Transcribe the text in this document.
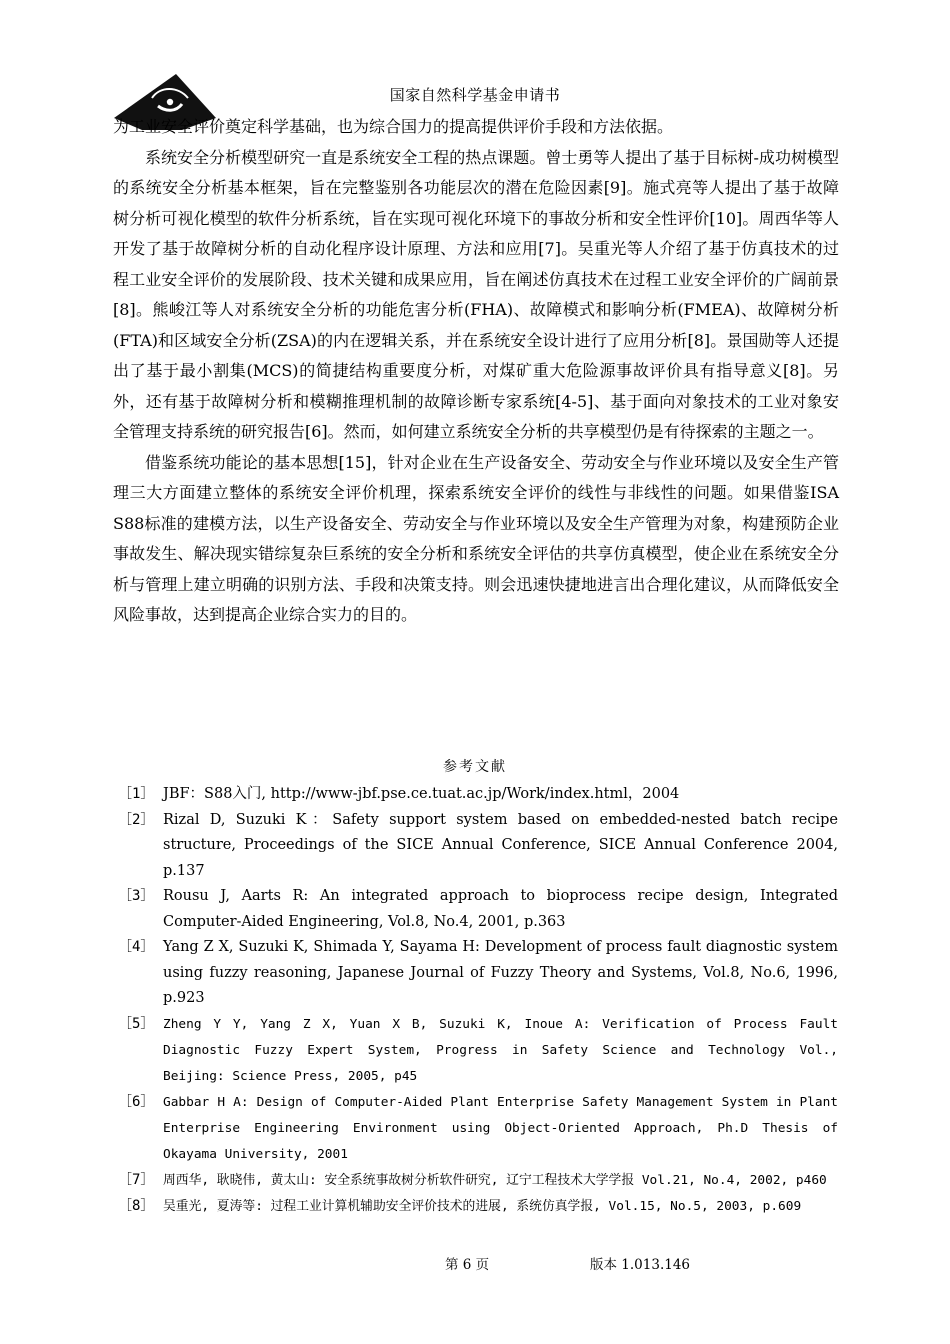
国家自然科学基金申请书

为工业安全评价奠定科学基础，也为综合国力的提高提供评价手段和方法依据。

系统安全分析模型研究一直是系统安全工程的热点课题。曾士勇等人提出了基于目标树-成功树模型的系统安全分析基本框架，旨在完整鉴别各功能层次的潜在危险因素[9]。施式亮等人提出了基于故障树分析可视化模型的软件分析系统，旨在实现可视化环境下的事故分析和安全性评价[10]。周西华等人开发了基于故障树分析的自动化程序设计原理、方法和应用[7]。吴重光等人介绍了基于仿真技术的过程工业安全评价的发展阶段、技术关键和成果应用，旨在阐述仿真技术在过程工业安全评价的广阔前景[8]。熊峻江等人对系统安全分析的功能危害分析(FHA)、故障模式和影响分析(FMEA)、故障树分析(FTA)和区域安全分析(ZSA)的内在逻辑关系，并在系统安全设计进行了应用分析[8]。景国勋等人还提出了基于最小割集(MCS)的简捷结构重要度分析，对煤矿重大危险源事故评价具有指导意义[8]。另外，还有基于故障树分析和模糊推理机制的故障诊断专家系统[4-5]、基于面向对象技术的工业对象安全管理支持系统的研究报告[6]。然而，如何建立系统安全分析的共享模型仍是有待探索的主题之一。

借鉴系统功能论的基本思想[15]，针对企业在生产设备安全、劳动安全与作业环境以及安全生产管理三大方面建立整体的系统安全评价机理，探索系统安全评价的线性与非线性的问题。如果借鉴ISA S88标准的建模方法，以生产设备安全、劳动安全与作业环境以及安全生产管理为对象，构建预防企业事故发生、解决现实错综复杂巨系统的安全分析和系统安全评估的共享仿真模型，使企业在系统安全分析与管理上建立明确的识别方法、手段和决策支持。则会迅速快捷地进言出合理化建议，从而降低安全风险事故，达到提高企业综合实力的目的。

参考文献
［1］ JBF：S88入门, http://www-jbf.pse.ce.tuat.ac.jp/Work/index.html，2004
［2］ Rizal D, Suzuki K：Safety support system based on embedded-nested batch recipe structure, Proceedings of the SICE Annual Conference, SICE Annual Conference 2004, p.137
［3］ Rousu J, Aarts R: An integrated approach to bioprocess recipe design, Integrated Computer-Aided Engineering, Vol.8, No.4, 2001, p.363
［4］ Yang Z X, Suzuki K, Shimada Y, Sayama H: Development of process fault diagnostic system using fuzzy reasoning, Japanese Journal of Fuzzy Theory and Systems, Vol.8, No.6, 1996, p.923
［5］ Zheng Y Y, Yang Z X, Yuan X B, Suzuki K, Inoue A: Verification of Process Fault Diagnostic Fuzzy Expert System, Progress in Safety Science and Technology Vol., Beijing: Science Press, 2005, p45
［6］ Gabbar H A: Design of Computer-Aided Plant Enterprise Safety Management System in Plant Enterprise Engineering Environment using Object-Oriented Approach, Ph.D Thesis of Okayama University, 2001
［7］ 周西华, 耿晓伟, 黄太山: 安全系统事故树分析软件研究, 辽宁工程技术大学学报 Vol.21, No.4, 2002, p460
［8］ 吴重光, 夏涛等: 过程工业计算机辅助安全评价技术的进展, 系统仿真学报, Vol.15, No.5, 2003, p.609
第 6 页	版本 1.013.146
